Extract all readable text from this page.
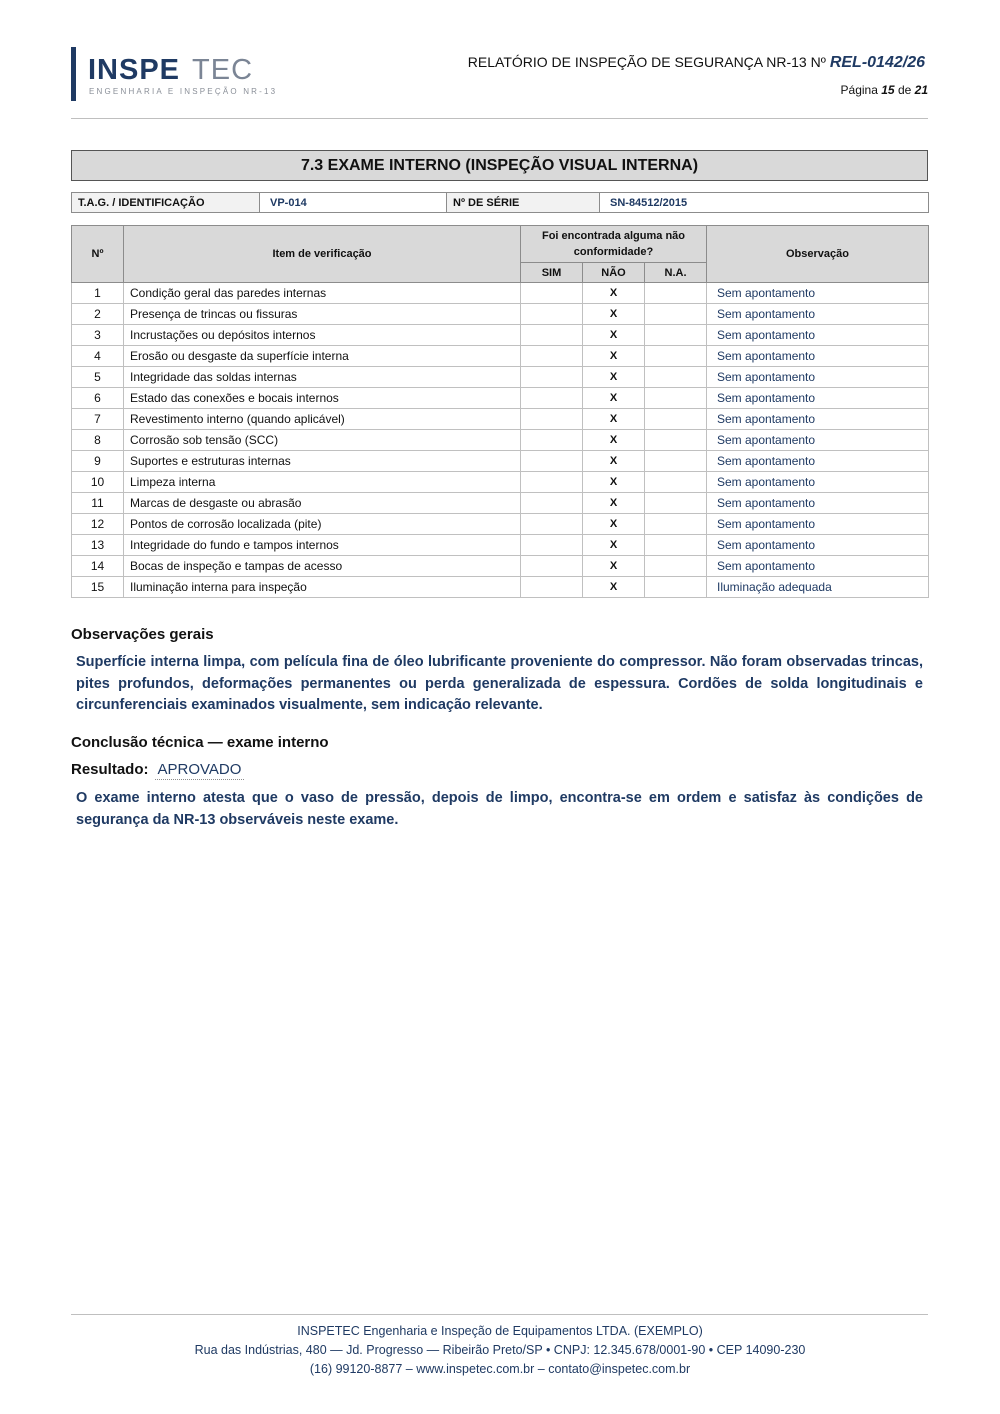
INSPE TEC
ENGENHARIA E INSPEÇÃO NR-13
RELATÓRIO DE INSPEÇÃO DE SEGURANÇA NR-13 Nº REL-0142/26
Página 15 de 21
7.3 EXAME INTERNO (INSPEÇÃO VISUAL INTERNA)
T.A.G. / IDENTIFICAÇÃO	VP-014	Nº DE SÉRIE	SN-84512/2015
Nº	Item de verificação	Foi encontrada alguma não conformidade?			Observação
		SIM	NÃO	N.A.	
1	Condição geral das paredes internas		X		Sem apontamento
2	Presença de trincas ou fissuras		X		Sem apontamento
3	Incrustações ou depósitos internos		X		Sem apontamento
4	Erosão ou desgaste da superfície interna		X		Sem apontamento
5	Integridade das soldas internas		X		Sem apontamento
6	Estado das conexões e bocais internos		X		Sem apontamento
7	Revestimento interno (quando aplicável)		X		Sem apontamento
8	Corrosão sob tensão (SCC)		X		Sem apontamento
9	Suportes e estruturas internas		X		Sem apontamento
10	Limpeza interna		X		Sem apontamento
11	Marcas de desgaste ou abrasão		X		Sem apontamento
12	Pontos de corrosão localizada (pite)		X		Sem apontamento
13	Integridade do fundo e tampos internos		X		Sem apontamento
14	Bocas de inspeção e tampas de acesso		X		Sem apontamento
15	Iluminação interna para inspeção		X		Iluminação adequada
Observações gerais

Superfície interna limpa, com película fina de óleo lubrificante proveniente do compressor. Não foram observadas trincas, pites profundos, deformações permanentes ou perda generalizada de espessura. Cordões de solda longitudinais e circunferenciais examinados visualmente, sem indicação relevante.

Conclusão técnica — exame interno
Resultado: APROVADO

O exame interno atesta que o vaso de pressão, depois de limpo, encontra-se em ordem e satisfaz às condições de segurança da NR-13 observáveis neste exame.

INSPETEC Engenharia e Inspeção de Equipamentos LTDA. (EXEMPLO)
Rua das Indústrias, 480 — Jd. Progresso — Ribeirão Preto/SP • CNPJ: 12.345.678/0001-90 • CEP 14090-230
(16) 99120-8877 – www.inspetec.com.br – contato@inspetec.com.br
